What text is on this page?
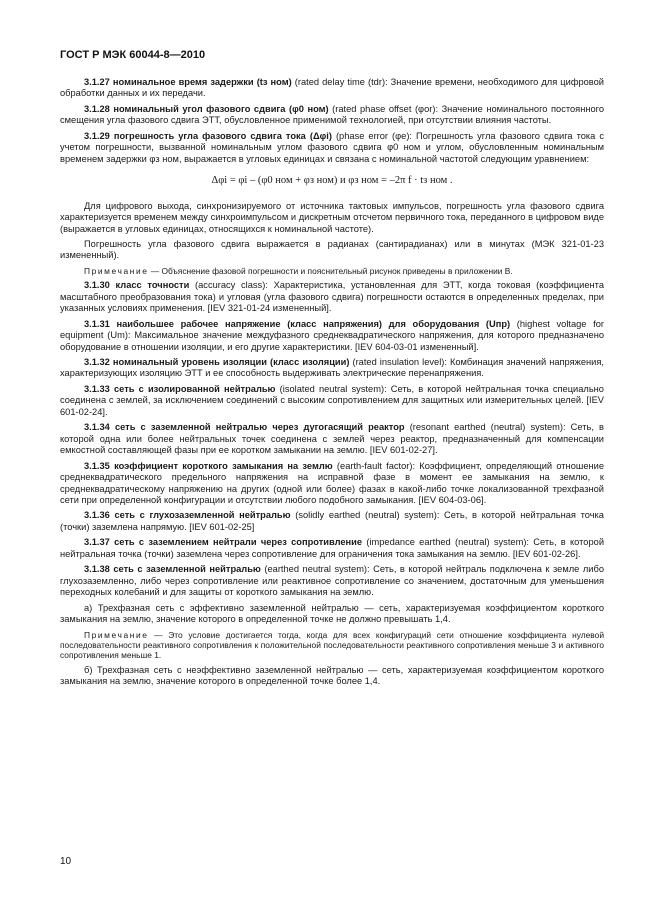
ГОСТ Р МЭК 60044-8—2010

3.1.27 номинальное время задержки (tз ном) (rated delay time (tdr): Значение времени, необходимого для цифровой обработки данных и их передачи.

3.1.28 номинальный угол фазового сдвига (φ0 ном) (rated phase offset (φor): Значение номинального постоянного смещения угла фазового сдвига ЭТТ, обусловленное применимой технологией, при отсутствии влияния частоты.

3.1.29 погрешность угла фазового сдвига тока (Δφi) (phase error (φe): Погрешность угла фазового сдвига тока с учетом погрешности, вызванной номинальным углом фазового сдвига φ0 ном и углом, обусловленным номинальным временем задержки φз ном, выражается в угловых единицах и связана с номинальной частотой следующим уравнением:

Δφi = φi – (φ0 ном + φз ном) и φз ном = –2π f · tз ном .

Для цифрового выхода, синхронизируемого от источника тактовых импульсов, погрешность угла фазового сдвига характеризуется временем между синхроимпульсом и дискретным отсчетом первичного тока, переданного в цифровом виде (выражается в угловых единицах, относящихся к номинальной частоте).

Погрешность угла фазового сдвига выражается в радианах (сантирадианах) или в минутах (МЭК 321-01-23 измененный).

Примечание — Объяснение фазовой погрешности и пояснительный рисунок приведены в приложении В.

3.1.30 класс точности (accuracy class): Характеристика, установленная для ЭТТ, когда токовая (коэффициента масштабного преобразования тока) и угловая (угла фазового сдвига) погрешности остаются в определенных пределах, при указанных условиях применения. [IEV 321-01-24 измененный].

3.1.31 наибольшее рабочее напряжение (класс напряжения) для оборудования (Uпр) (highest voltage for equipment (Um): Максимальное значение междуфазного среднеквадратического напряжения, для которого предназначено оборудование в отношении изоляции, и его другие характеристики. [IEV 604-03-01 измененный].

3.1.32 номинальный уровень изоляции (класс изоляции) (rated insulation level): Комбинация значений напряжения, характеризующих изоляцию ЭТТ и ее способность выдерживать электрические перенапряжения.

3.1.33 сеть с изолированной нейтралью (isolated neutral system): Сеть, в которой нейтральная точка специально соединена с землей, за исключением соединений с высоким сопротивлением для защитных или измерительных целей. [IEV 601-02-24].

3.1.34 сеть с заземленной нейтралью через дугогасящий реактор (resonant earthed (neutral) system): Сеть, в которой одна или более нейтральных точек соединена с землей через реактор, предназначенный для компенсации емкостной составляющей фазы при ее коротком замыкании на землю. [IEV 601-02-27].

3.1.35 коэффициент короткого замыкания на землю (earth-fault factor): Коэффициент, определяющий отношение среднеквадратического предельного напряжения на исправной фазе в момент ее замыкания на землю, к среднеквадратическому напряжению на других (одной или более) фазах в какой-либо точке локализованной трехфазной сети при определенной конфигурации и отсутствии любого подобного замыкания. [IEV 604-03-06].

3.1.36 сеть с глухозаземленной нейтралью (solidly earthed (neutral) system): Сеть, в которой нейтральная точка (точки) заземлена напрямую. [IEV 601-02-25]

3.1.37 сеть с заземлением нейтрали через сопротивление (impedance earthed (neutral) system): Сеть, в которой нейтральная точка (точки) заземлена через сопротивление для ограничения тока замыкания на землю. [IEV 601-02-26].

3.1.38 сеть с заземленной нейтралью (earthed neutral system): Сеть, в которой нейтраль подключена к земле либо глухозаземленно, либо через сопротивление или реактивное сопротивление со значением, достаточным для уменьшения переходных колебаний и для защиты от короткого замыкания на землю.

а) Трехфазная сеть с эффективно заземленной нейтралью — сеть, характеризуемая коэффициентом короткого замыкания на землю, значение которого в определенной точке не должно превышать 1,4.

Примечание — Это условие достигается тогда, когда для всех конфигураций сети отношение коэффициента нулевой последовательности реактивного сопротивления к положительной последовательности реактивного сопротивления меньше 3 и активного сопротивления меньше 1.

б) Трехфазная сеть с неэффективно заземленной нейтралью — сеть, характеризуемая коэффициентом короткого замыкания на землю, значение которого в определенной точке более 1,4.

10
